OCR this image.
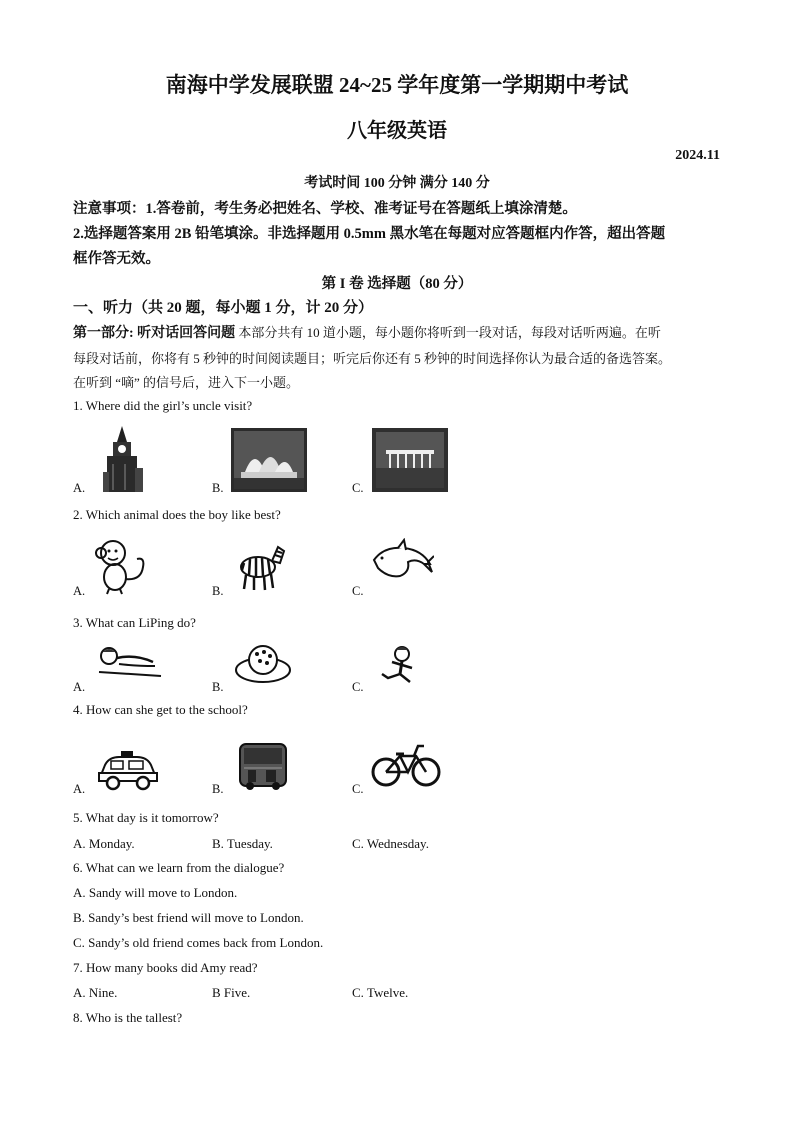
南海中学发展联盟 24~25 学年度第一学期期中考试
八年级英语
2024.11
考试时间 100 分钟 满分 140 分
注意事项：1.答卷前，考生务必把姓名、学校、准考证号在答题纸上填涂清楚。
2.选择题答案用 2B 铅笔填涂。非选择题用 0.5mm 黑水笔在每题对应答题框内作答，超出答题
框作答无效。
第 I 卷 选择题（80 分）
一、听力（共 20 题，每小题 1 分，计 20 分）
第一部分: 听对话回答问题 本部分共有 10 道小题，每小题你将听到一段对话，每段对话听两遍。在听
每段对话前，你将有 5 秒钟的时间阅读题目；听完后你还有 5 秒钟的时间选择你认为最合适的备选答案。
在听到 “嘀” 的信号后，进入下一小题。
1. Where did the girl’s uncle visit?
A.	B.	C.
2. Which animal does the boy like best?
A.	B.	C.
3. What can LiPing do?
A.	B.	C.
4. How can she get to the school?
A.	B.	C.
5. What day is it tomorrow?
A. Monday.	B. Tuesday.	C. Wednesday.
6. What can we learn from the dialogue?
A. Sandy will move to London.
B. Sandy’s best friend will move to London.
C. Sandy’s old friend comes back from London.
7. How many books did Amy read?
A. Nine.	B Five.	C. Twelve.
8. Who is the tallest?
